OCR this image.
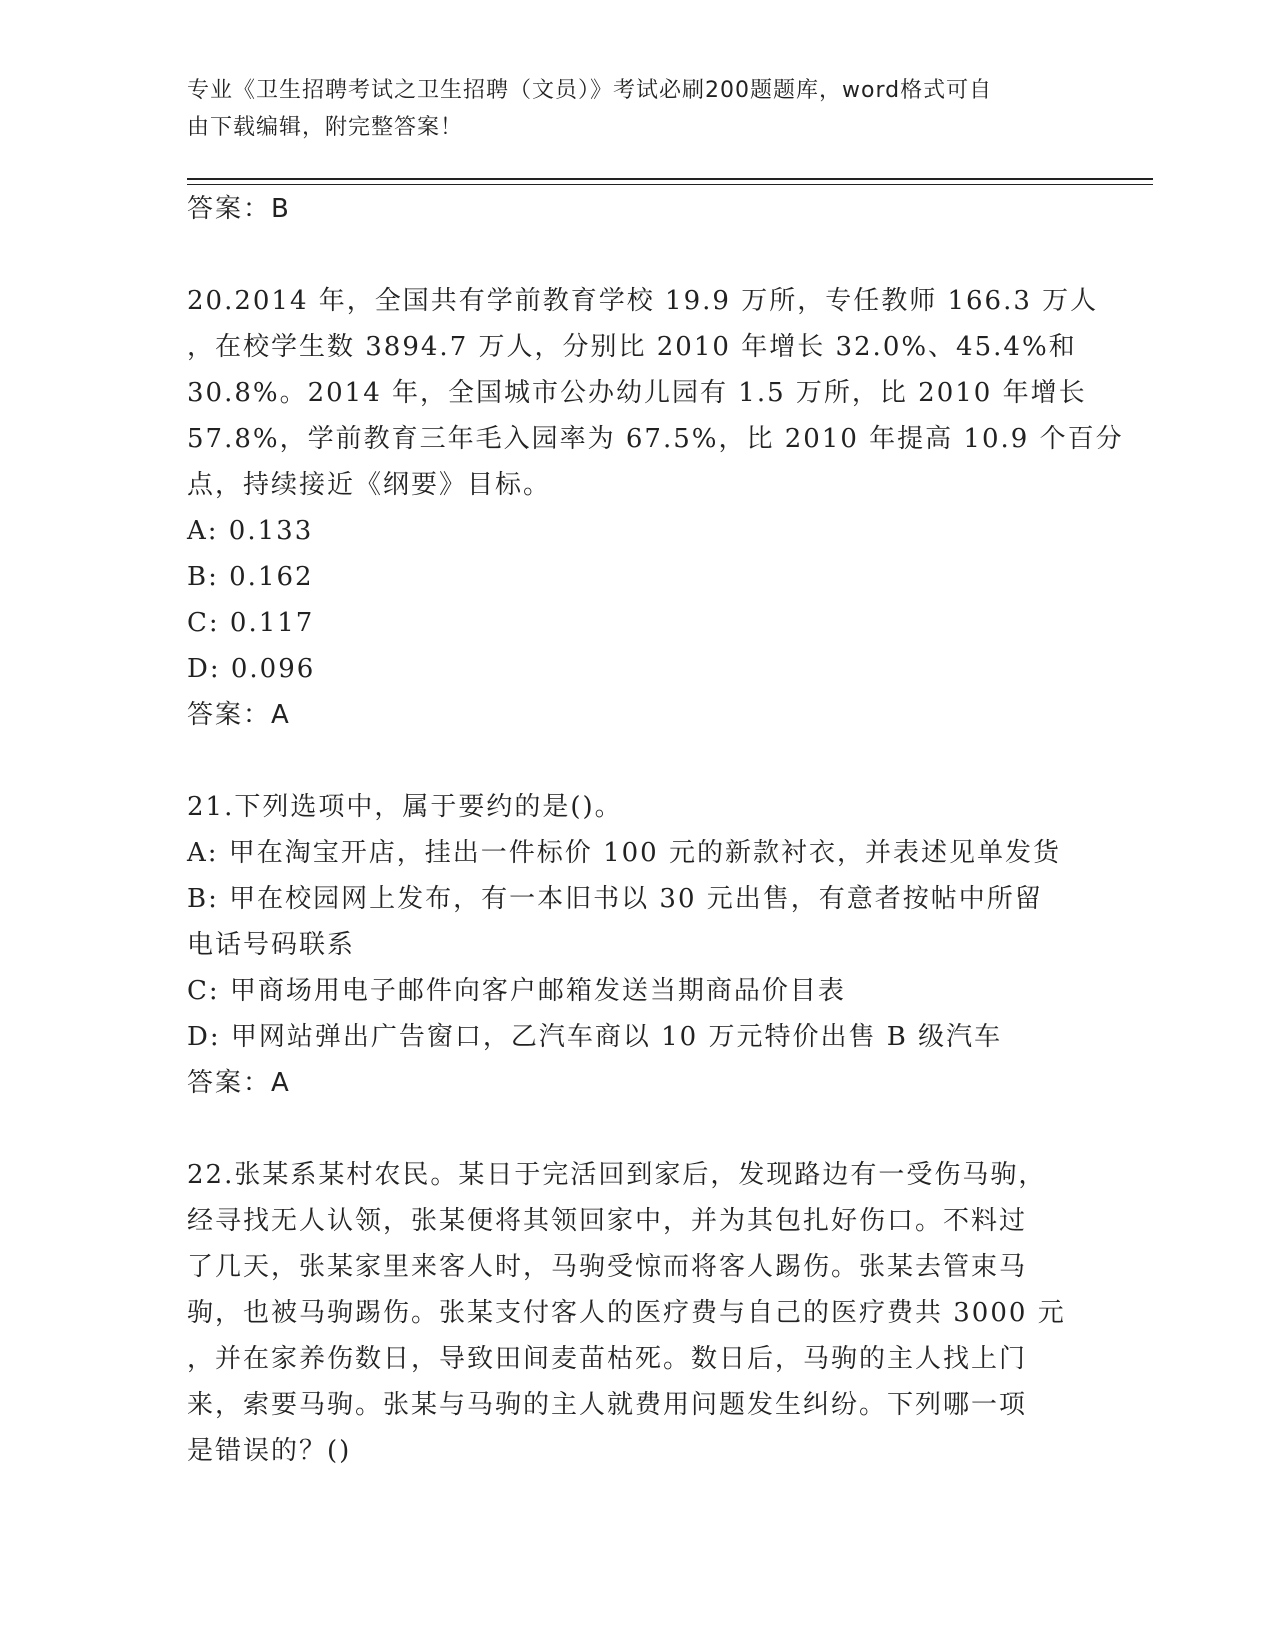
专业《卫生招聘考试之卫生招聘（文员）》考试必刷200题题库，word格式可自
由下载编辑，附完整答案！
答案：B
20.2014 年，全国共有学前教育学校 19.9 万所，专任教师 166.3 万人
，在校学生数 3894.7 万人，分别比 2010 年增长 32.0%、45.4%和
30.8%。2014 年，全国城市公办幼儿园有 1.5 万所，比 2010 年增长
57.8%，学前教育三年毛入园率为 67.5%，比 2010 年提高 10.9 个百分
点，持续接近《纲要》目标。
A: 0.133
B: 0.162
C: 0.117
D: 0.096
答案：A
21.下列选项中，属于要约的是()。
A: 甲在淘宝开店，挂出一件标价 100 元的新款衬衣，并表述见单发货
B: 甲在校园网上发布，有一本旧书以 30 元出售，有意者按帖中所留
电话号码联系
C: 甲商场用电子邮件向客户邮箱发送当期商品价目表
D: 甲网站弹出广告窗口，乙汽车商以 10 万元特价出售 B 级汽车
答案：A
22.张某系某村农民。某日于完活回到家后，发现路边有一受伤马驹，
经寻找无人认领，张某便将其领回家中，并为其包扎好伤口。不料过
了几天，张某家里来客人时，马驹受惊而将客人踢伤。张某去管束马
驹，也被马驹踢伤。张某支付客人的医疗费与自己的医疗费共 3000 元
，并在家养伤数日，导致田间麦苗枯死。数日后，马驹的主人找上门
来，索要马驹。张某与马驹的主人就费用问题发生纠纷。下列哪一项
是错误的？()
